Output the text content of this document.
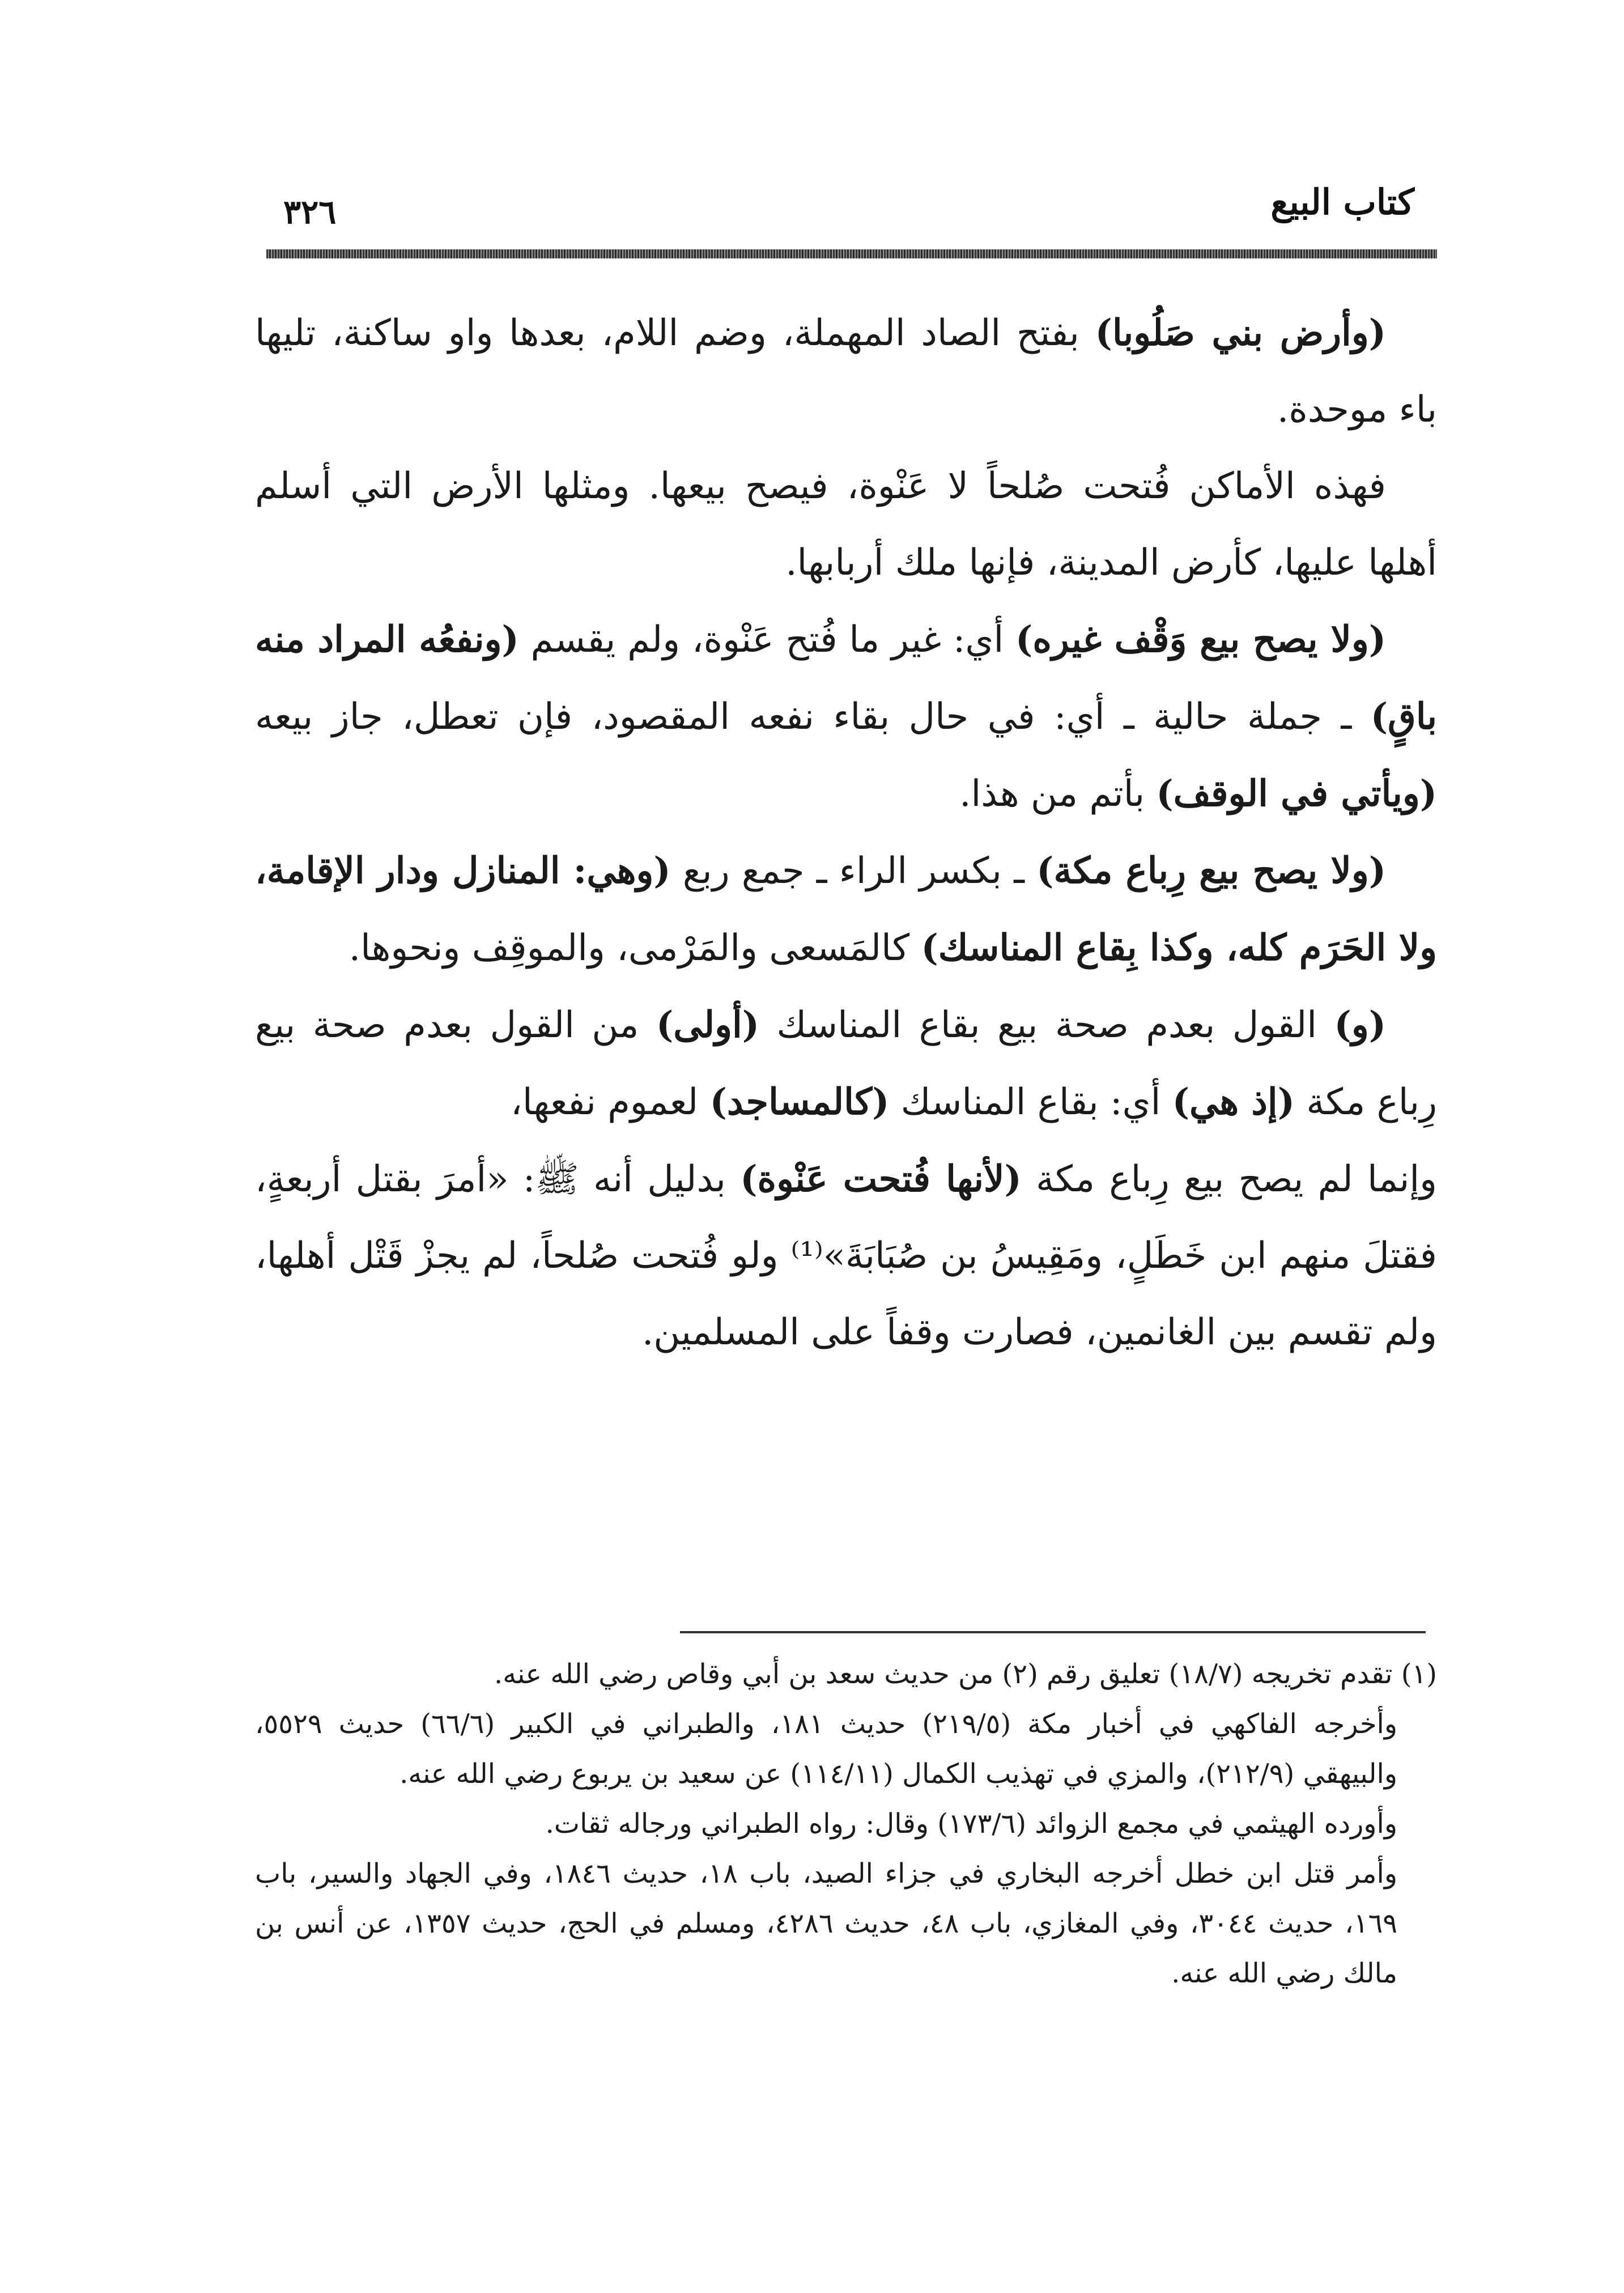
كتاب البيع
٣٢٦

(وأرض بني صَلُوبا) بفتح الصاد المهملة، وضم اللام، بعدها واو ساكنة، تليها باء موحدة.

فهذه الأماكن فُتحت صُلحاً لا عَنْوة، فيصح بيعها. ومثلها الأرض التي أسلم أهلها عليها، كأرض المدينة، فإنها ملك أربابها.

(ولا يصح بيع وَقْف غيره) أي: غير ما فُتح عَنْوة، ولم يقسم (ونفعُه المراد منه باقٍ) ـ جملة حالية ـ أي: في حال بقاء نفعه المقصود، فإن تعطل، جاز بيعه (ويأتي في الوقف) بأتم من هذا.

(ولا يصح بيع رِباع مكة) ـ بكسر الراء ـ جمع ربع (وهي: المنازل ودار الإقامة، ولا الحَرَم كله، وكذا بِقاع المناسك) كالمَسعى والمَرْمى، والموقِف ونحوها.

(و) القول بعدم صحة بيع بقاع المناسك (أولى) من القول بعدم صحة بيع رِباع مكة (إذ هي) أي: بقاع المناسك (كالمساجد) لعموم نفعها،

وإنما لم يصح بيع رِباع مكة (لأنها فُتحت عَنْوة) بدليل أنه ﷺ: «أمرَ بقتل أربعةٍ، فقتلَ منهم ابن خَطَلٍ، ومَقِيسُ بن صُبَابَةَ»⁽¹⁾ ولو فُتحت صُلحاً، لم يجزْ قَتْل أهلها، ولم تقسم بين الغانمين، فصارت وقفاً على المسلمين.

(١) تقدم تخريجه (١٨/٧) تعليق رقم (٢) من حديث سعد بن أبي وقاص رضي الله عنه.

وأخرجه الفاكهي في أخبار مكة (٢١٩/٥) حديث ١٨١، والطبراني في الكبير (٦٦/٦) حديث ٥٥٢٩، والبيهقي (٢١٢/٩)، والمزي في تهذيب الكمال (١١٤/١١) عن سعيد بن يربوع رضي الله عنه.

وأورده الهيثمي في مجمع الزوائد (١٧٣/٦) وقال: رواه الطبراني ورجاله ثقات.

وأمر قتل ابن خطل أخرجه البخاري في جزاء الصيد، باب ١٨، حديث ١٨٤٦، وفي الجهاد والسير، باب ١٦٩، حديث ٣٠٤٤، وفي المغازي، باب ٤٨، حديث ٤٢٨٦، ومسلم في الحج، حديث ١٣٥٧، عن أنس بن مالك رضي الله عنه.
